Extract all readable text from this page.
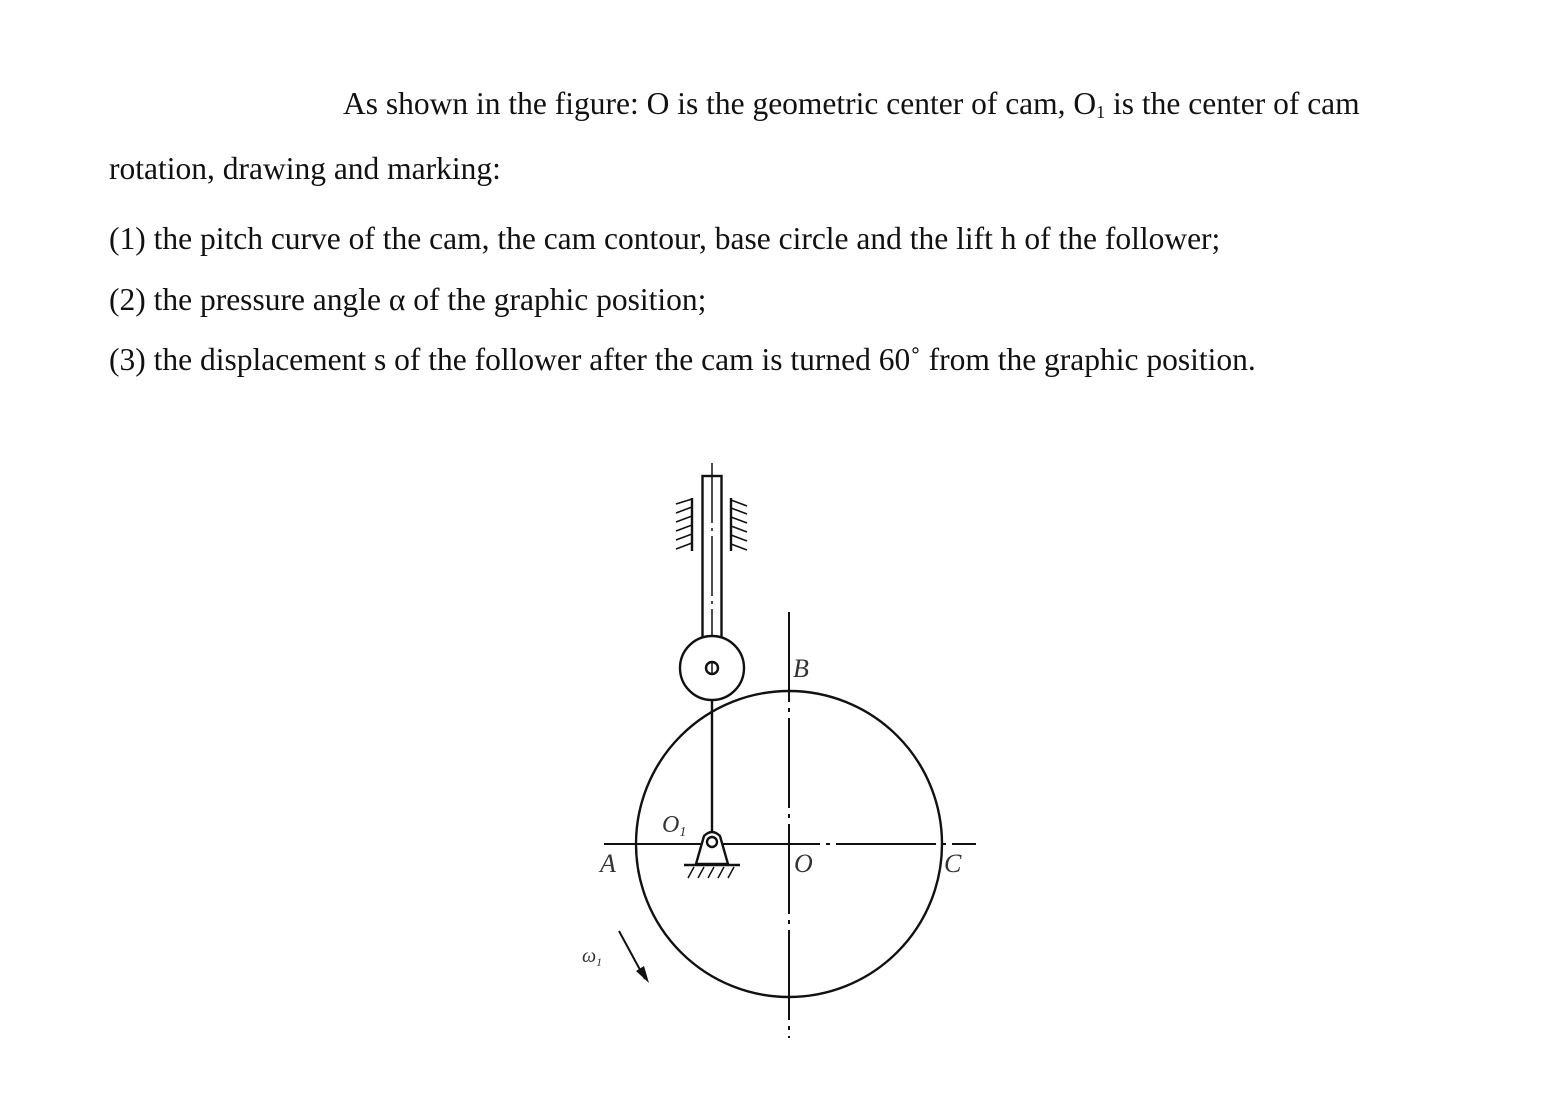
As shown in the figure: O is the geometric center of cam, $O_1$ is the center of cam
rotation, drawing and marking:
(1) the pitch curve of the cam, the cam contour, base circle and the lift h of the follower;
(2) the pressure angle α of the graphic position;
(3) the displacement s of the follower after the cam is turned 60˚ from the graphic position.
B
O
A	C
O1
$\omega_1$
